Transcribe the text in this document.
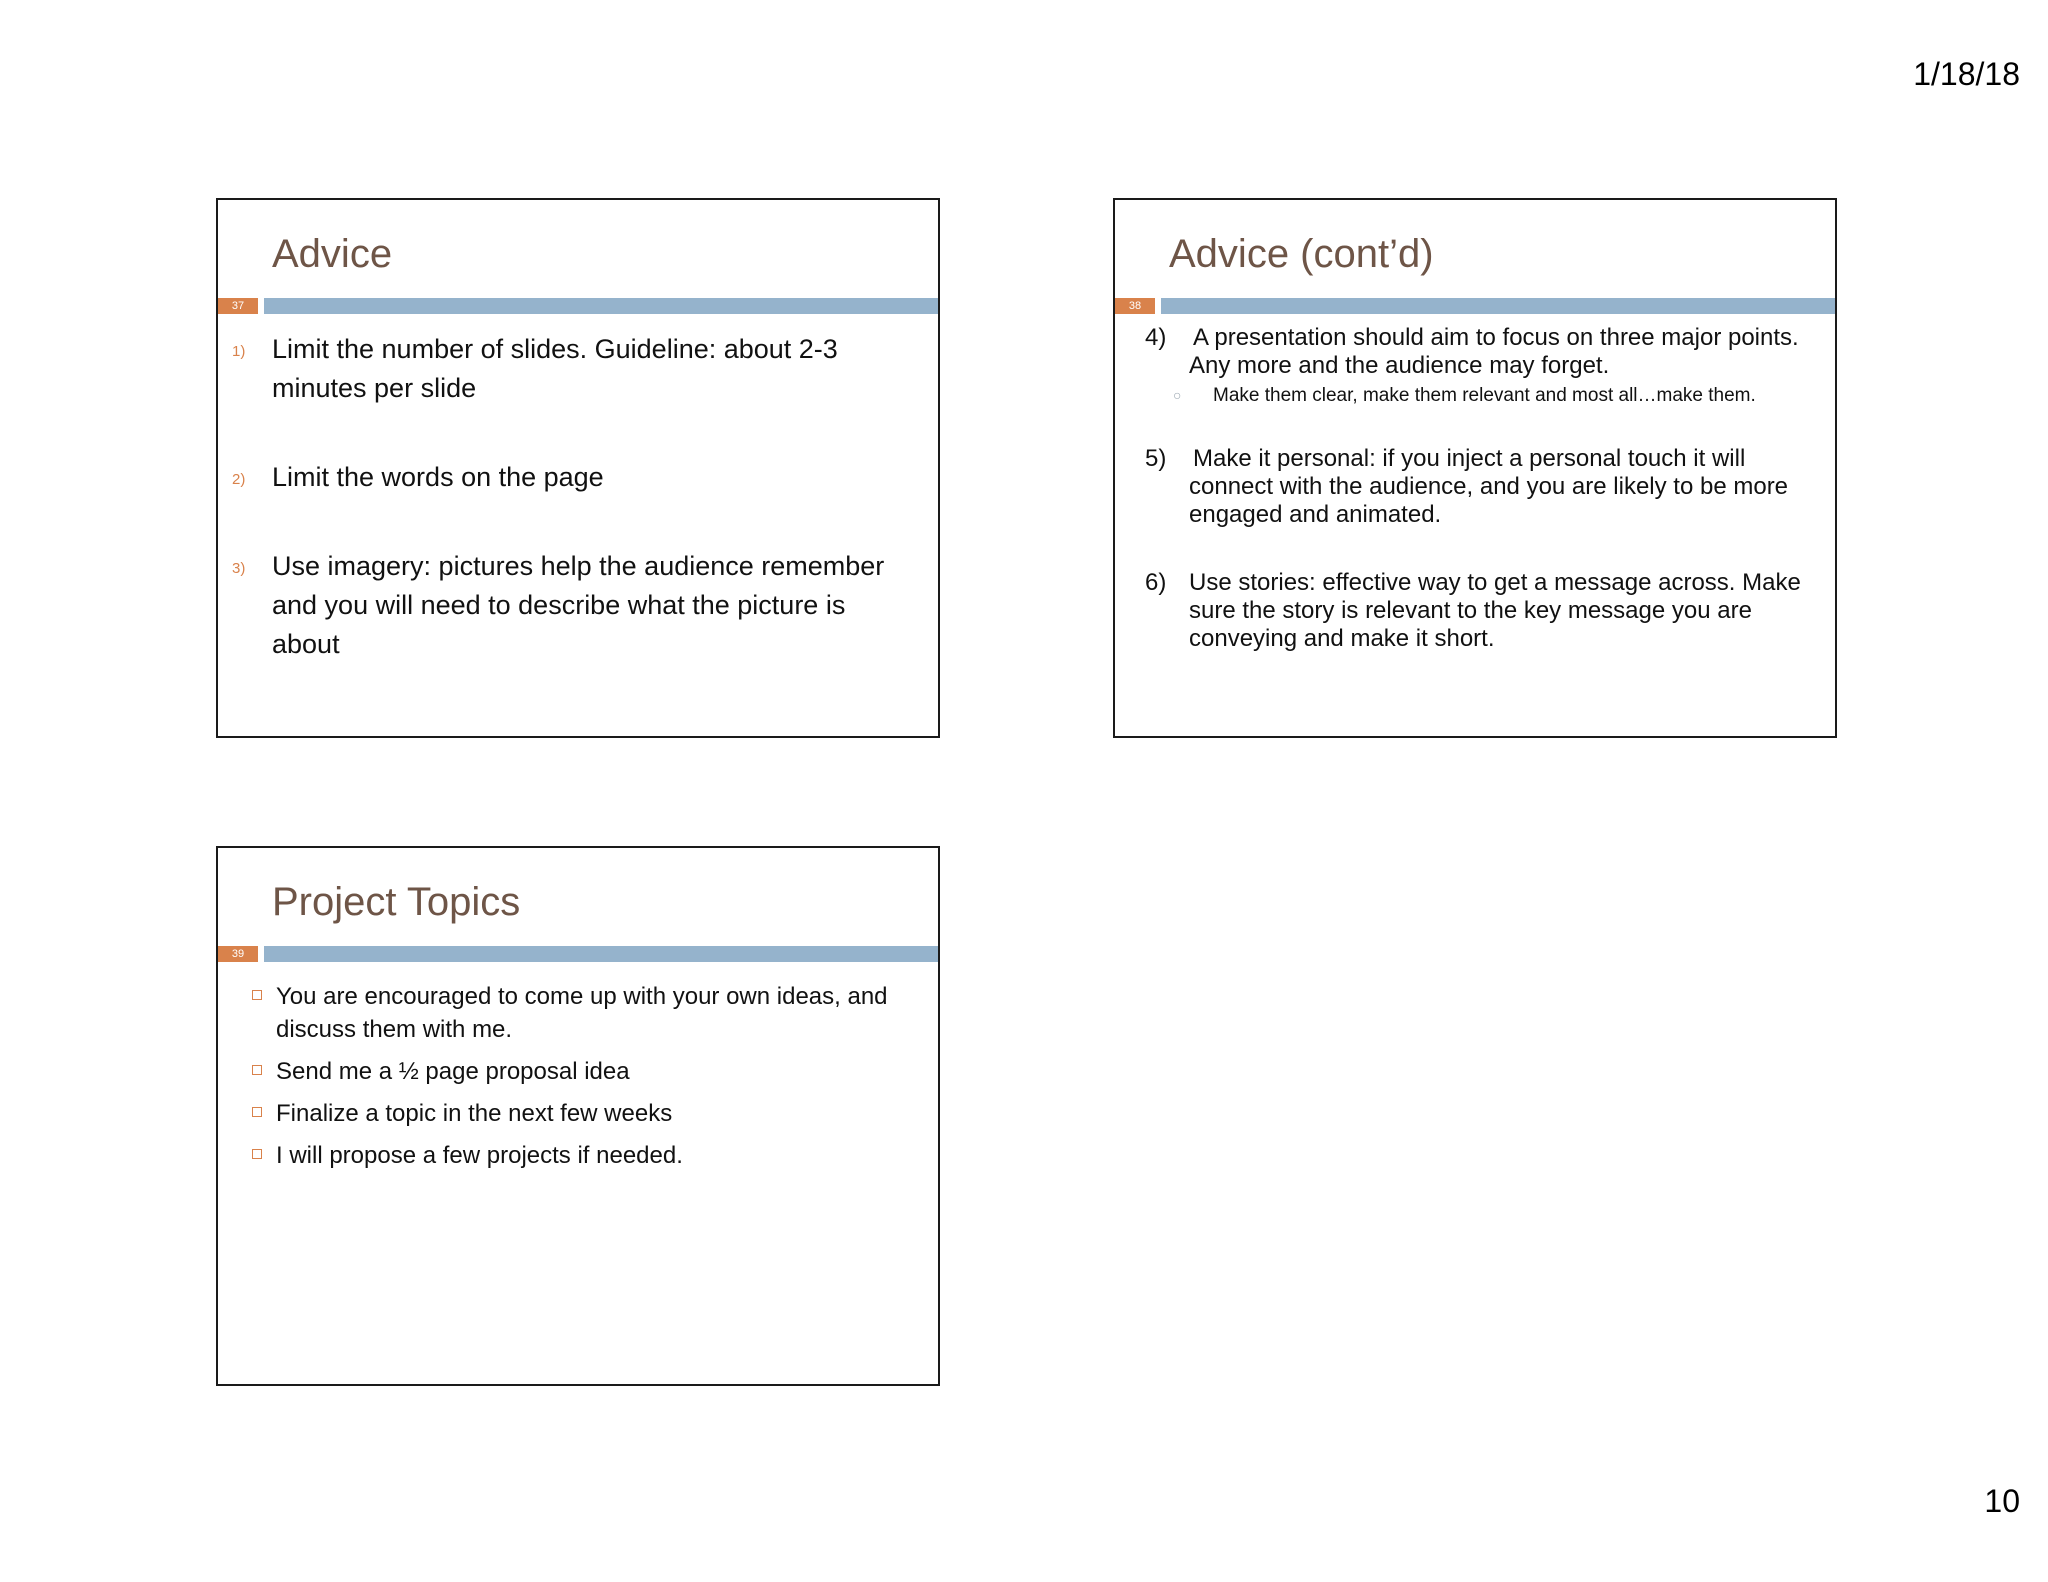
1/18/18
Advice
37
1) Limit the number of slides. Guideline: about 2-3 minutes per slide
2) Limit the words on the page
3) Use imagery: pictures help the audience remember and you will need to describe what the picture is about
Advice (cont’d)
38
4) A presentation should aim to focus on three major points. Any more and the audience may forget.
○ Make them clear, make them relevant and most all…make them.
5) Make it personal: if you inject a personal touch it will connect with the audience, and you are likely to be more engaged and animated.
6) Use stories: effective way to get a message across. Make sure the story is relevant to the key message you are conveying and make it short.
Project Topics
39
You are encouraged to come up with your own ideas, and discuss them with me.
Send me a ½ page proposal idea
Finalize a topic in the next few weeks
I will propose a few projects if needed.
10
